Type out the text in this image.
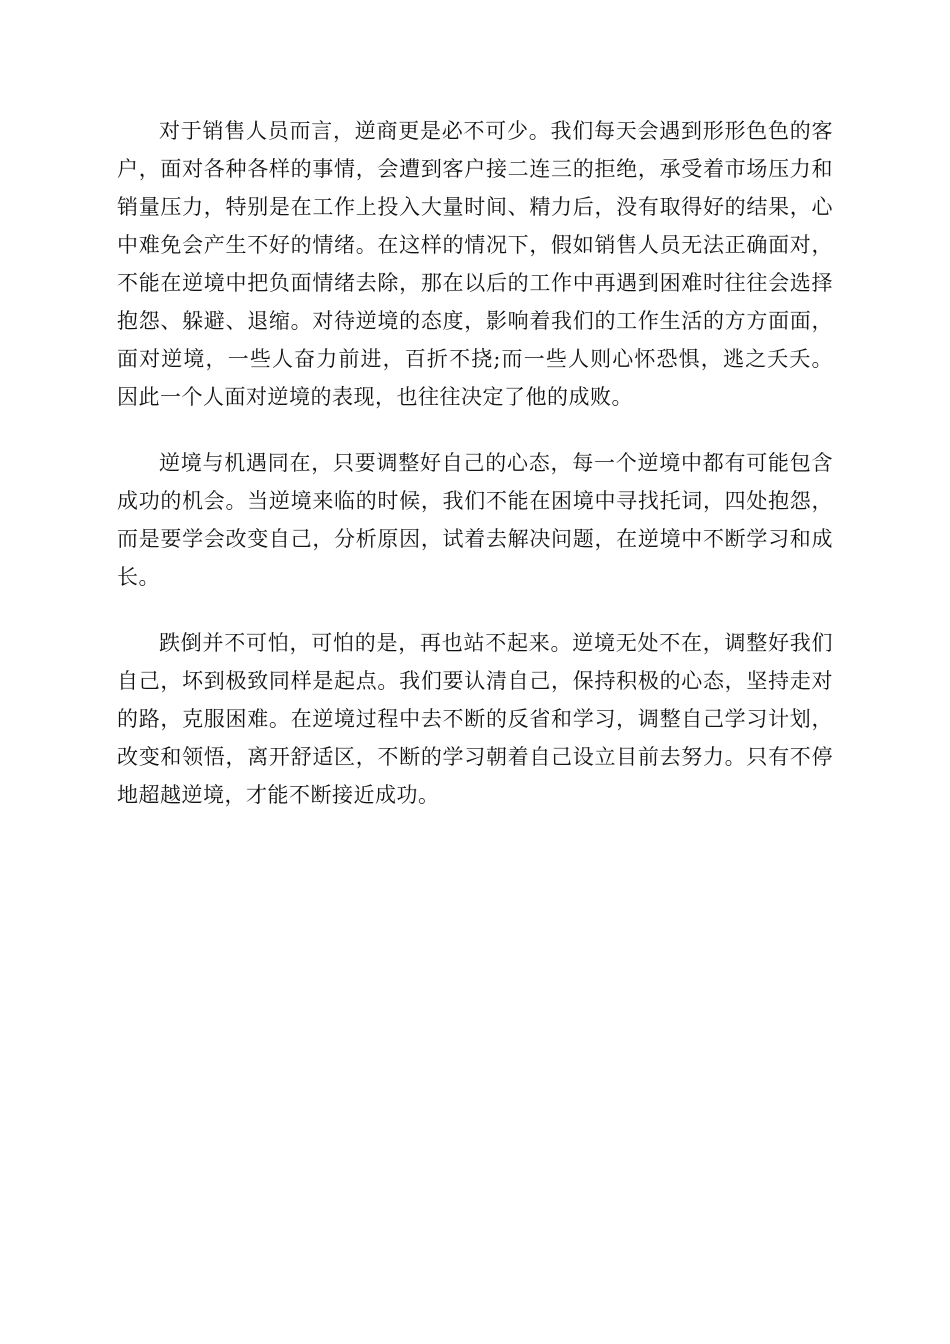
对于销售人员而言，逆商更是必不可少。我们每天会遇到形形色色的客户，面对各种各样的事情，会遭到客户接二连三的拒绝，承受着市场压力和销量压力，特别是在工作上投入大量时间、精力后，没有取得好的结果，心中难免会产生不好的情绪。在这样的情况下，假如销售人员无法正确面对，不能在逆境中把负面情绪去除，那在以后的工作中再遇到困难时往往会选择抱怨、躲避、退缩。对待逆境的态度，影响着我们的工作生活的方方面面，面对逆境，一些人奋力前进，百折不挠;而一些人则心怀恐惧，逃之夭夭。因此一个人面对逆境的表现，也往往决定了他的成败。

逆境与机遇同在，只要调整好自己的心态，每一个逆境中都有可能包含成功的机会。当逆境来临的时候，我们不能在困境中寻找托词，四处抱怨，而是要学会改变自己，分析原因，试着去解决问题，在逆境中不断学习和成长。

跌倒并不可怕，可怕的是，再也站不起来。逆境无处不在，调整好我们自己，坏到极致同样是起点。我们要认清自己，保持积极的心态，坚持走对的路，克服困难。在逆境过程中去不断的反省和学习，调整自己学习计划，改变和领悟，离开舒适区，不断的学习朝着自己设立目前去努力。只有不停地超越逆境，才能不断接近成功。
